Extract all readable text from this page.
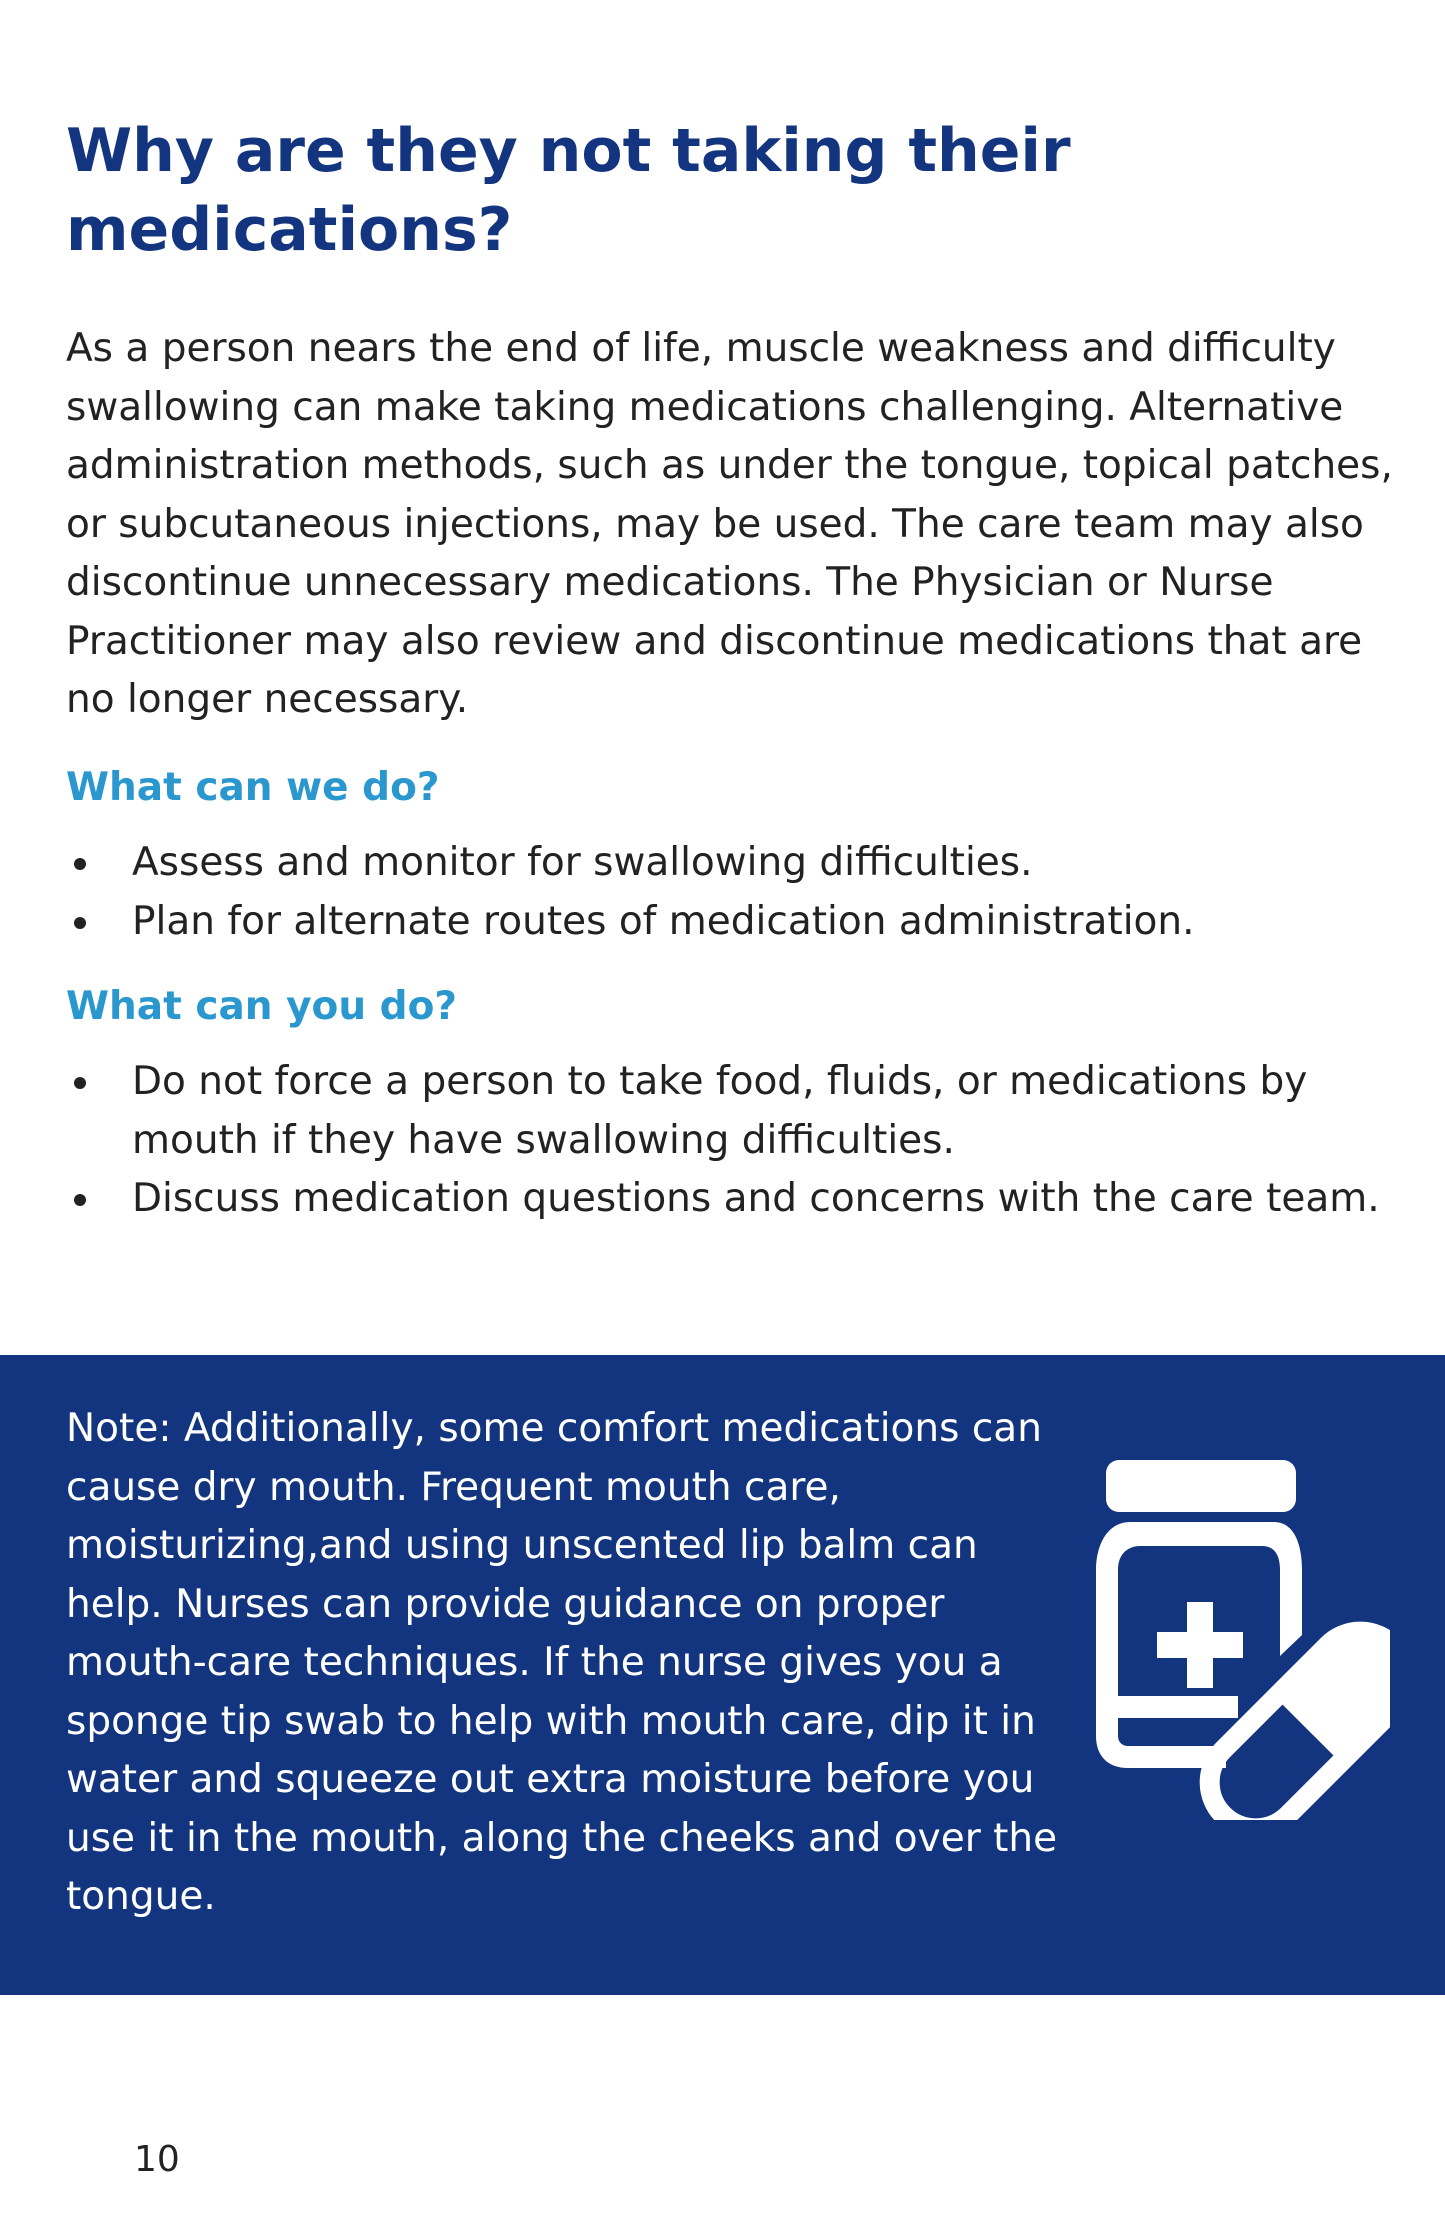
Why are they not taking their medications?

As a person nears the end of life, muscle weakness and difficulty swallowing can make taking medications challenging. Alternative administration methods, such as under the tongue, topical patches, or subcutaneous injections, may be used. The care team may also discontinue unnecessary medications. The Physician or Nurse Practitioner may also review and discontinue medications that are no longer necessary.

What can we do?
Assess and monitor for swallowing difficulties.
Plan for alternate routes of medication administration.
What can you do?
Do not force a person to take food, fluids, or medications by mouth if they have swallowing difficulties.
Discuss medication questions and concerns with the care team.

Note: Additionally, some comfort medications can cause dry mouth. Frequent mouth care, moisturizing,and using unscented lip balm can help. Nurses can provide guidance on proper mouth-care techniques. If the nurse gives you a sponge tip swab to help with mouth care, dip it in water and squeeze out extra moisture before you use it in the mouth, along the cheeks and over the tongue.

10
